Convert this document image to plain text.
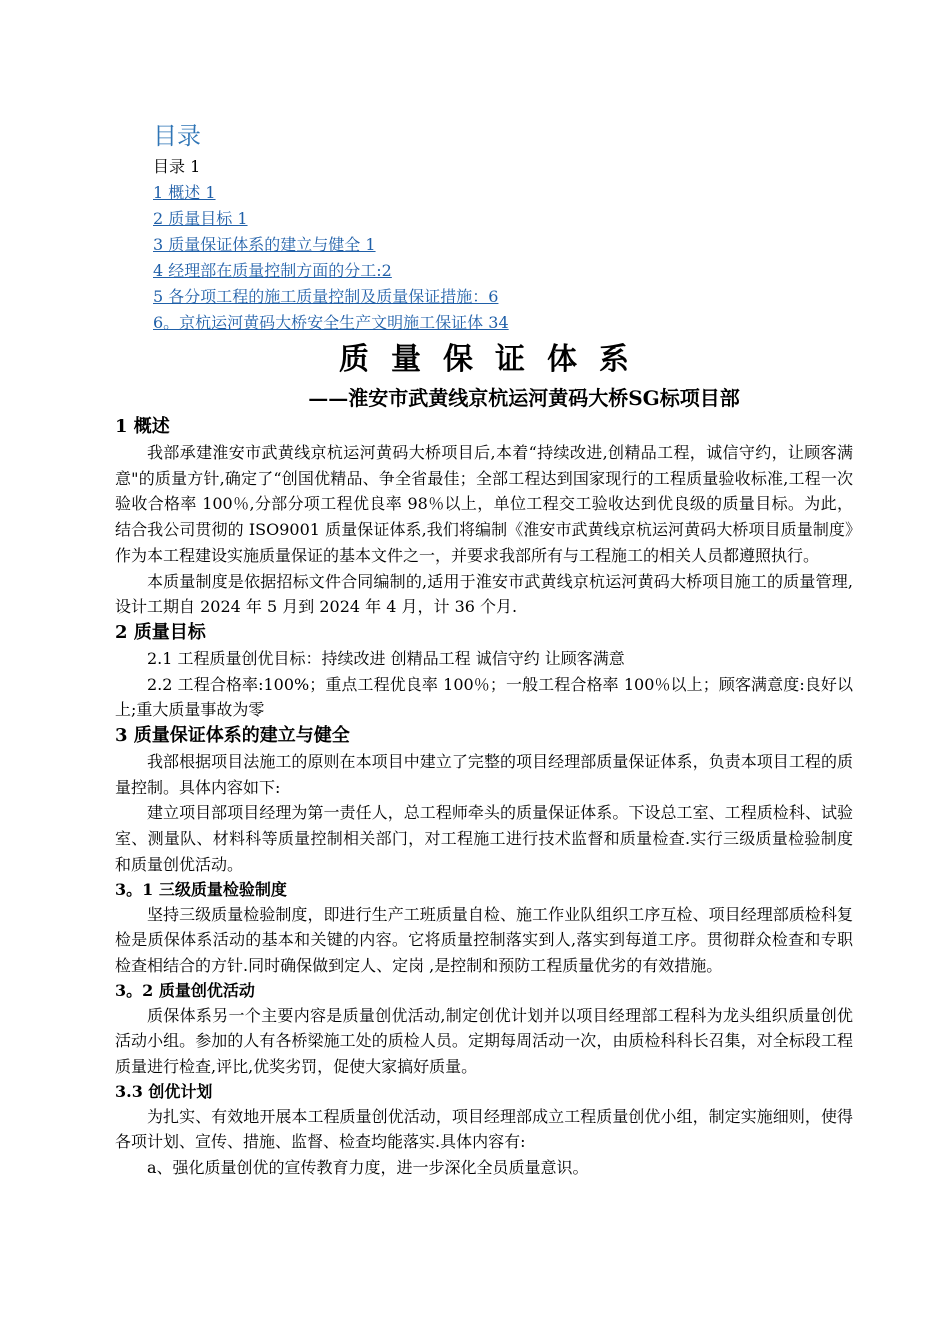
目录
目录 1
1 概述 1
2 质量目标 1
3 质量保证体系的建立与健全 1
4 经理部在质量控制方面的分工:2
5 各分项工程的施工质量控制及质量保证措施：6
6。京杭运河黄码大桥安全生产文明施工保证体 34
质量保证体系
——淮安市武黄线京杭运河黄码大桥SG标项目部
1 概述

我部承建淮安市武黄线京杭运河黄码大桥项目后,本着“持续改进,创精品工程，诚信守约，让顾客满意"的质量方针,确定了“创国优精品、争全省最佳；全部工程达到国家现行的工程质量验收标准,工程一次验收合格率 100％,分部分项工程优良率 98％以上，单位工程交工验收达到优良级的质量目标。为此，结合我公司贯彻的 ISO9001 质量保证体系,我们将编制《淮安市武黄线京杭运河黄码大桥项目质量制度》作为本工程建设实施质量保证的基本文件之一，并要求我部所有与工程施工的相关人员都遵照执行。

本质量制度是依据招标文件合同编制的,适用于淮安市武黄线京杭运河黄码大桥项目施工的质量管理,设计工期自 2024 年 5 月到 2024 年 4 月，计 36 个月.

2 质量目标

2.1 工程质量创优目标：持续改进 创精品工程 诚信守约 让顾客满意

2.2 工程合格率:100%；重点工程优良率 100％；一般工程合格率 100％以上；顾客满意度:良好以上;重大质量事故为零

3 质量保证体系的建立与健全

我部根据项目法施工的原则在本项目中建立了完整的项目经理部质量保证体系，负责本项目工程的质量控制。具体内容如下:

建立项目部项目经理为第一责任人，总工程师牵头的质量保证体系。下设总工室、工程质检科、试验室、测量队、材料科等质量控制相关部门，对工程施工进行技术监督和质量检查.实行三级质量检验制度和质量创优活动。

3。1 三级质量检验制度

坚持三级质量检验制度，即进行生产工班质量自检、施工作业队组织工序互检、项目经理部质检科复检是质保体系活动的基本和关键的内容。它将质量控制落实到人,落实到每道工序。贯彻群众检查和专职检查相结合的方针.同时确保做到定人、定岗 ,是控制和预防工程质量优劣的有效措施。

3。2 质量创优活动

质保体系另一个主要内容是质量创优活动,制定创优计划并以项目经理部工程科为龙头组织质量创优活动小组。参加的人有各桥梁施工处的质检人员。定期每周活动一次，由质检科科长召集，对全标段工程质量进行检查,评比,优奖劣罚，促使大家搞好质量。

3.3 创优计划

为扎实、有效地开展本工程质量创优活动，项目经理部成立工程质量创优小组，制定实施细则，使得各项计划、宣传、措施、监督、检查均能落实.具体内容有:

a、强化质量创优的宣传教育力度，进一步深化全员质量意识。
